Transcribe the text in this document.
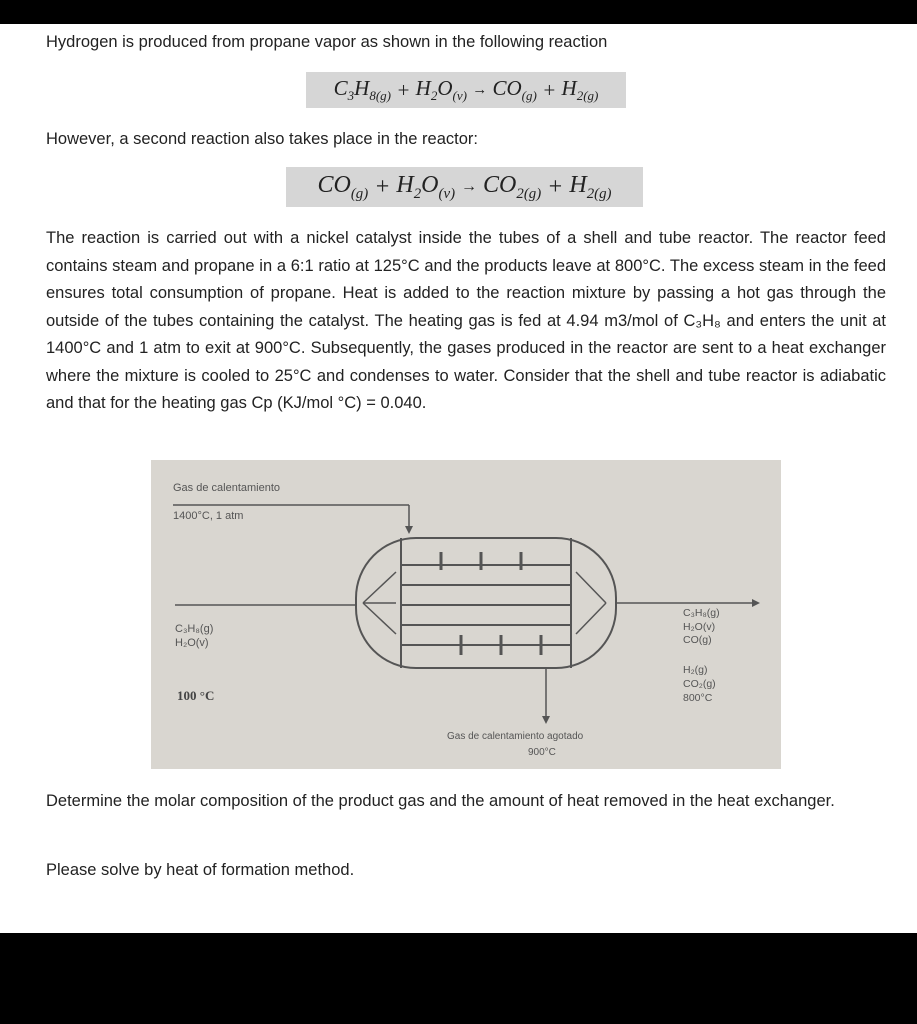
Hydrogen is produced from propane vapor as shown in the following reaction
$C_3H_{8(g)}$
+
$H_2O_{(v)}$
→
$CO_{(g)}$
+
$H_{2(g)}$
However, a second reaction also takes place in the reactor:
$CO_{(g)}$
+
$H_2O_{(v)}$
→
$CO_{2(g)}$
+
$H_{2(g)}$
The reaction is carried out with a nickel catalyst inside the tubes of a shell and tube reactor. The reactor feed contains steam and propane in a 6:1 ratio at 125°C and the products leave at 800°C. The excess steam in the feed ensures total consumption of propane. Heat is added to the reaction mixture by passing a hot gas through the outside of the tubes containing the catalyst. The heating gas is fed at 4.94 m3/mol of C₃H₈ and enters the unit at 1400°C and 1 atm to exit at 900°C. Subsequently, the gases produced in the reactor are sent to a heat exchanger where the mixture is cooled to 25°C and condenses to water. Consider that the shell and tube reactor is adiabatic and that for the heating gas Cp (KJ/mol °C) = 0.040.
Gas de calentamiento
1400°C, 1 atm
C₃H₈(g)
H₂O(v)
100 °C
C₃H₈(g)
H₂O(v)
CO(g)
H₂(g)
CO₂(g)
800°C
Gas de calentamiento agotado
900°C
Determine the molar composition of the product gas and the amount of heat removed in the heat exchanger.
Please solve by heat of formation method.
